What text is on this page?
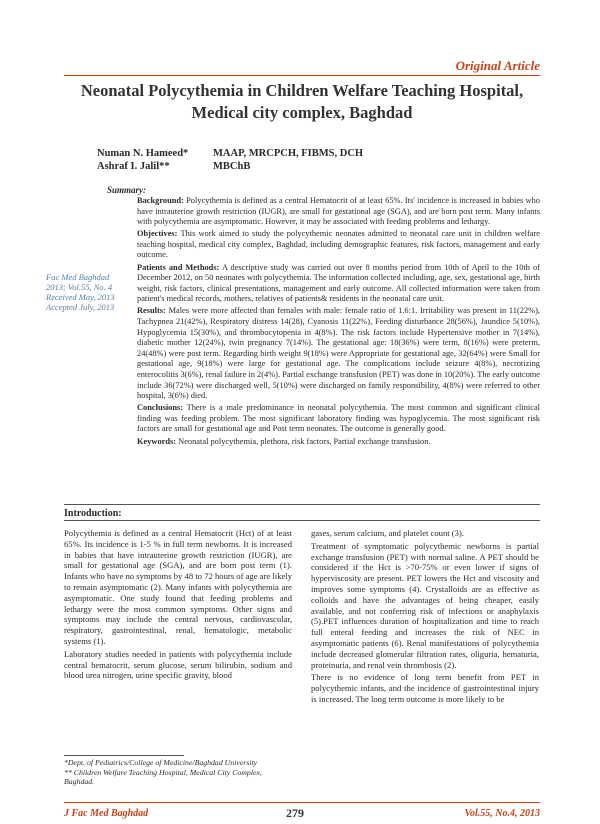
Original Article
Neonatal Polycythemia in Children Welfare Teaching Hospital, Medical city complex, Baghdad
Numan N. Hameed* MAAP, MRCPCH, FIBMS, DCH
Ashraf I. Jalil**	MBChB
Summary:
Fac Med Baghdad 2013; Vol.55, No. 4 Received May, 2013 Accepted July, 2013

Background: Polycythemia is defined as a central Hematocrit of at least 65%. Its' incidence is increased in babies who have intrauterine growth restriction (IUGR), are small for gestational age (SGA), and are born post term. Many infants with polycythemia are asymptomatic. However, it may be associated with feeding problems and lethargy.

Objectives: This work aimed to study the polycythemic neonates admitted to neonatal care unit in children welfare teaching hospital, medical city complex, Baghdad, including demographic features, risk factors, management and early outcome.

Patients and Methods: A descriptive study was carried out over 8 months period from 10th of April to the 10th of December 2012, on 50 neonates with polycythemia. The information collected including, age, sex, gestational age, birth weight, risk factors, clinical presentations, management and early outcome. All collected information were taken from patient's medical records, mothers, relatives of patients& residents in the neonatal care unit.

Results: Males were more affected than females with male: female ratio of 1.6:1. Irritability was present in 11(22%), Tachypnea 21(42%), Respiratory distress 14(28), Cyanosis 11(22%), Feeding disturbance 28(56%), Jaundice 5(10%), Hypoglycemia 15(30%), and thrombocytopenia in 4(8%). The risk factors include Hypertensive mother in 7(14%), diabetic mother 12(24%), twin pregnancy 7(14%). The gestational age: 18(36%) were term, 8(16%) were preterm, 24(48%) were post term. Regarding birth weight 9(18%) were Appropriate for gestational age, 32(64%) were Small for gestational age, 9(18%) were large for gestational age. The complications include seizure 4(8%), necrotizing enterocolitis 3(6%), renal failure in 2(4%). Partial exchange transfusion (PET) was done in 10(20%). The early outcome include 36(72%) were discharged well, 5(10%) were discharged on family responsibility, 4(8%) were referred to other hospital, 3(6%) died.

Conclusions: There is a male predominance in neonatal polycythemia. The most common and significant clinical finding was feeding problem. The most significant laboratory finding was hypoglycemia. The most significant risk factors are small for gestational age and Post term neonates. The outcome is generally good.

Keywords: Neonatal polycythemia, plethora, risk factors, Partial exchange transfusion.

Introduction:

Polycythemia is defined as a central Hematocrit (Hct) of at least 65%. Its incidence is 1-5 % in full term newborns. It is increased in babies that have intrauterine growth restriction (IUGR), are small for gestational age (SGA), and are born post term (1). Infants who have no symptoms by 48 to 72 hours of age are likely to remain asymptomatic (2). Many infants with polycythemia are asymptomatic. One study found that feeding problems and lethargy were the most common symptoms. Other signs and symptoms may include the central nervous, cardiovascular, respiratory, gastrointestinal, renal, hematologic, metabolic systems (1).

Laboratory studies needed in patients with polycythemia include central hematocrit, serum glucose, serum bilirubin, sodium and blood urea nitrogen, urine specific gravity, blood

gases, serum calcium, and platelet count (3).

Treatment of symptomatic polycythemic newborns is partial exchange transfusion (PET) with normal saline. A PET should be considered if the Hct is >70-75% or even lower if signs of hyperviscosity are present. PET lowers the Hct and viscosity and improves some symptoms (4). Crystalloids are as effective as colloids and have the advantages of being cheaper, easily available, and not conferring risk of infections or anaphylaxis (5).PET influences duration of hospitalization and time to reach full enteral feeding and increases the risk of NEC in asymptomatic patients (6). Renal manifestations of polycythemia include decreased glomerular filtration rates, oliguria, hematuria, proteinuria, and renal vein thrombosis (2).

There is no evidence of long term benefit from PET in polycythemic infants, and the incidence of gastrointestinal injury is increased. The long term outcome is more likely to be

*Dept. of Pediatrics/College of Medicine/Baghdad University
** Children Welfare Teaching Hospital, Medical City Complex, Baghdad.
J Fac Med Baghdad	279	Vol.55, No.4, 2013
